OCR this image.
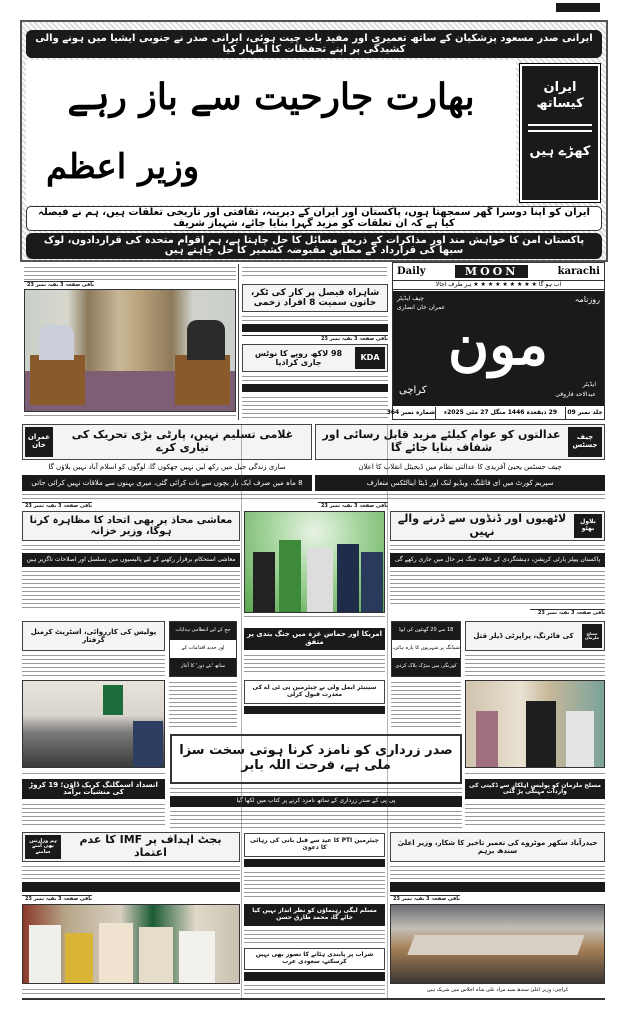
ایرانی صدر مسعود پزشکیان کے ساتھ تعمیری اور مفید بات چیت ہوئی، ایرانی صدر نے جنوبی ایشیا میں ہونے والی کشیدگی پر اپنے تحفظات کا اظہار کیا
بھارت جارحیت سے باز رہے
وزیر اعظم
ایران کیساتھ
کھڑے ہیں
ایران کو اپنا دوسرا گھر سمجھتا ہوں، پاکستان اور ایران کے دیرینہ، ثقافتی اور تاریخی تعلقات ہیں، ہم نے فیصلہ کیا ہے کہ ان تعلقات کو مزید گہرا بنایا جائے، شہباز شریف
پاکستان امن کا خواہش مند اور مذاکرات کے ذریعے مسائل کا حل چاہتا ہے، ہم اقوام متحدہ کی قراردادوں، لوک سبھا کی قرارداد کے مطابق مقبوضہ کشمیر کا حل چاہتے ہیں
باقی صفحہ 3 بقیہ نمبر 23
شاہراہ فیصل پر کار کی ٹکر، خاتون سمیت 8 افراد زخمی
باقی صفحہ 3 بقیہ نمبر 23
KDA
98 لاکھ روپے کا نوٹس جاری کرادیا
Daily	MOON	karachi
اب ہو گا ★ ★ ★ ★ ★ ★ ★ ★ ★ ہر طرف اجالا
روزنامہ
چیف ایڈیٹر
عمران خان انصاری
مون
کراچی
ایڈیٹر
عبدالاحد فاروقی
جلد نمبر 09
29 ذیقعدہ 1446 منگل 27 مئی 2025ء
شمارہ نمبر 364
چیف جسٹس
عدالتوں کو عوام کیلئے مزید قابل رسائی اور شفاف بنایا جائے گا
چیف جسٹس یحییٰ آفریدی کا عدالتی نظام میں ڈیجیٹل انقلاب کا اعلان
سپریم کورٹ میں ای فائلنگ، ویڈیو لنک اور ڈیٹا اینالٹکس متعارف
غلامی تسلیم نہیں، پارٹی بڑی تحریک کی تیاری کرے
عمران خان
ساری زندگی جیل میں رکھ لیں نہیں جھکوں گا، لوگوں کو اسلام آباد نہیں بلاؤں گا
8 ماہ میں صرف ایک بار بچوں سے بات کرائی گئی، میری بہنوں سے ملاقات نہیں کرائی جاتی
باقی صفحہ 3 بقیہ نمبر 23	باقی صفحہ 3 بقیہ نمبر 23
معاشی محاذ پر بھی اتحاد کا مظاہرہ کرنا ہوگا، وزیر خزانہ
بلاول بھٹو
لاٹھیوں اور ڈنڈوں سے ڈرنے والے نہیں
معاشی استحکام برقرار رکھنے کے لیے پالیسیوں میں تسلسل اور اصلاحات ناگزیر ہیں	پاکستان پیپلز پارٹی کرپشن، دہشتگردی کے خلاف جنگ ہر حال میں جاری رکھے گی
باقی صفحہ 3 بقیہ نمبر 23
پولیس کی کارروائی، اسٹریٹ کرمنل گرفتار
حج کے لیے انتظامی ہدایات
اور جدید اقدامات کے
ساتھ 'نئے دور' کا آغاز
امریکا اور حماس غزہ میں جنگ بندی پر متفق
18 سے 20 گھنٹوں کی لوڈ
شیڈنگ پر شہریوں کا پارہ ہائی،
کورنگی میں سڑک بلاک کردی
مسلح ملزمان
کی فائرنگ، پراپرٹی ڈیلر قتل
سینیٹر ایمل ولی نے چیئرمین پی ٹی اے کی معذرت قبول کرلی
صدر زرداری کو نامزد کرنا ہوتی سخت سزا ملی ہے، فرحت اللہ بابر
پی پی کے صدر زرداری کے ساتھ نامزد کرنے پر کتاب میں لکھا گیا
انسداد اسمگلنگ کریک ڈاؤن؛ 19 کروڑ کی منشیات برآمد
مسلح ملزمان کو پولیس اہلکار سے ڈکیتی کی واردات مہنگی پڑ گئی
بجٹ اہداف پر IMF کا عدم اعتماد
ہم وزارتیں بھی آمنے سامنے
چیئرمین PTI کا عید سے قبل بانی کی رہائی کا دعویٰ
حیدرآباد سکھر موٹروے کی تعمیر تاخیر کا شکار، وزیر اعلیٰ سندھ برہم
باقی صفحہ 3 بقیہ نمبر 23	باقی صفحہ 3 بقیہ نمبر 23
مسلم لیگی رہنماؤں کو نظر انداز نہیں کیا جائے گا، محمد طارق حسن
شراب پر پابندی ہٹانے کا تصور بھی نہیں کرسکتے، سعودی عرب
کراچی: وزیر اعلیٰ سندھ سید مراد علی شاہ اجلاس میں شریک ہیں
